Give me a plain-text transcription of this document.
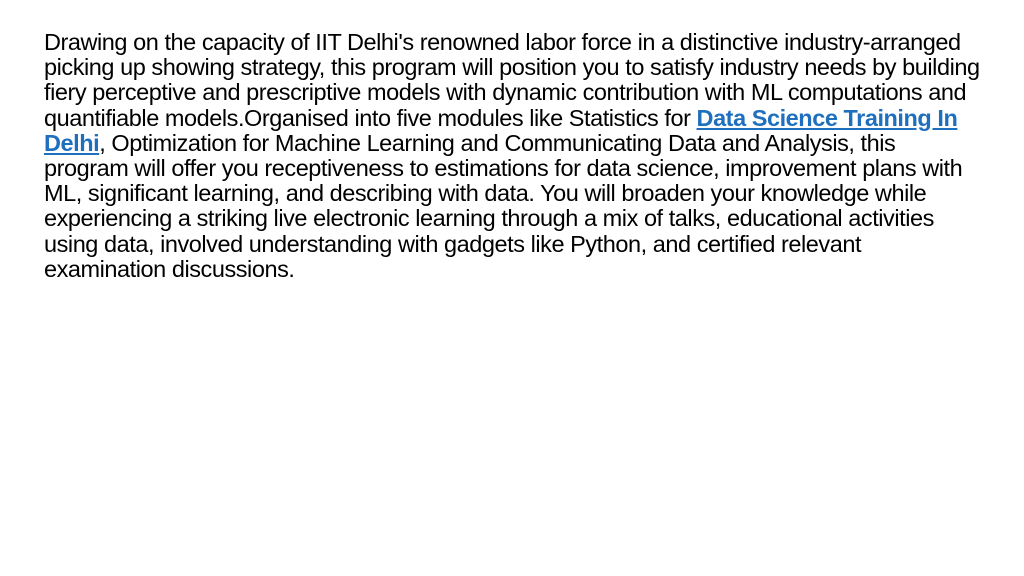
Drawing on the capacity of IIT Delhi's renowned labor force in a distinctive industry-arranged picking up showing strategy, this program will position you to satisfy industry needs by building fiery perceptive and prescriptive models with dynamic contribution with ML computations and quantifiable models.Organised into five modules like Statistics for Data Science Training In Delhi, Optimization for Machine Learning and Communicating Data and Analysis, this program will offer you receptiveness to estimations for data science, improvement plans with ML, significant learning, and describing with data. You will broaden your knowledge while experiencing a striking live electronic learning through a mix of talks, educational activities using data, involved understanding with gadgets like Python, and certified relevant examination discussions.
